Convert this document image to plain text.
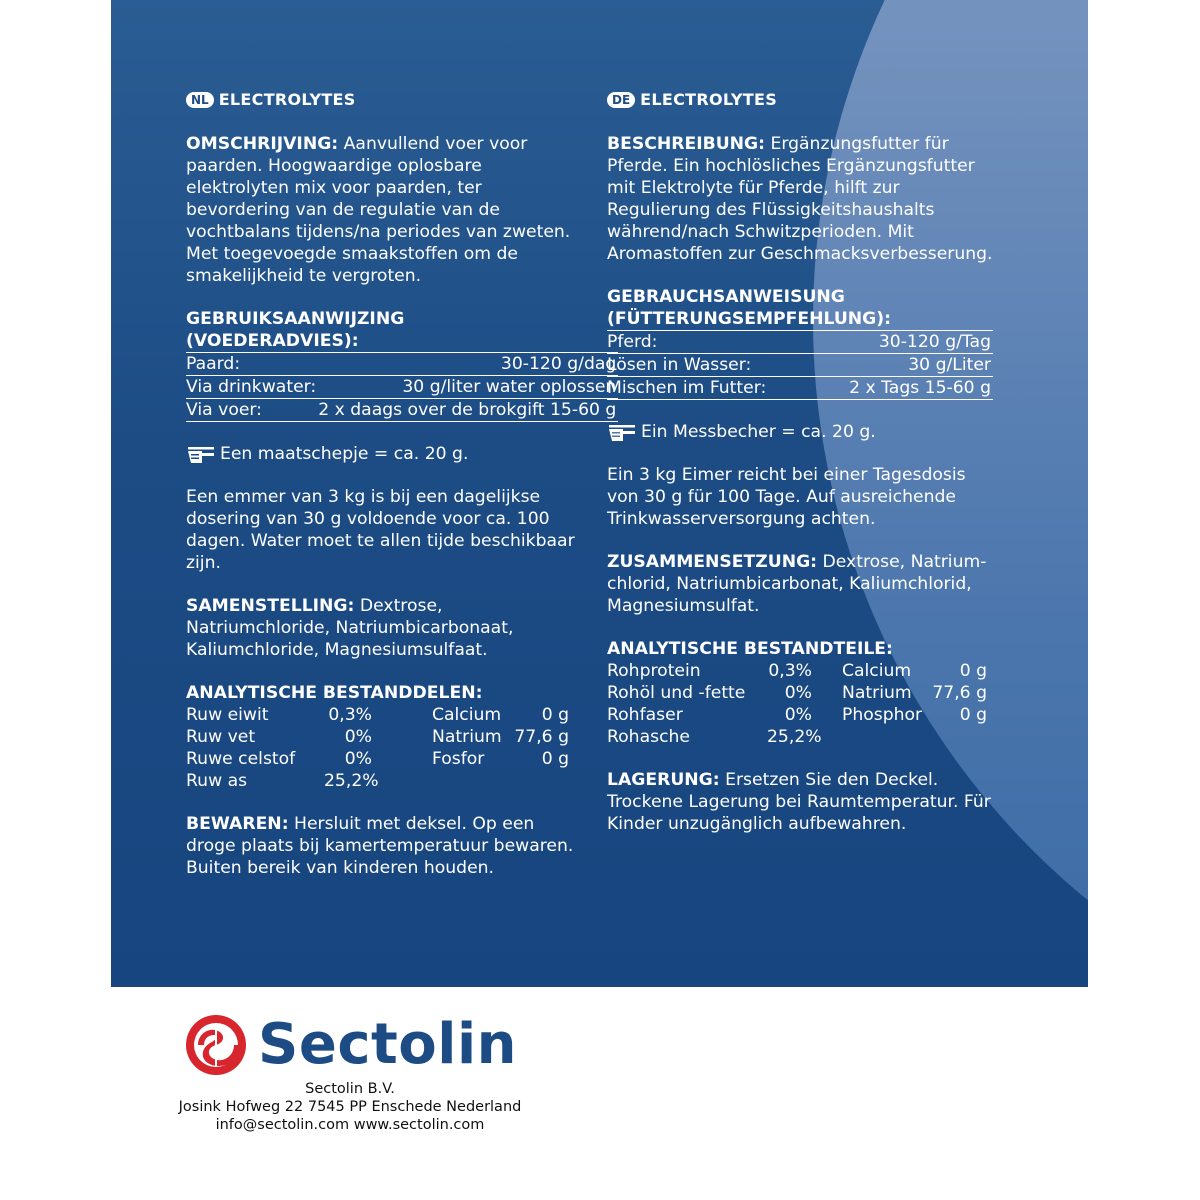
NL ELECTROLYTES

OMSCHRIJVING: Aanvullend voer voor paarden. Hoogwaardige oplosbare elektrolyten mix voor paarden, ter bevordering van de regulatie van de vochtbalans tijdens/na periodes van zweten. Met toegevoegde smaakstoffen om de smakelijkheid te vergroten.

GEBRUIKSAANWIJZING (VOEDERADVIES):
Paard:	30-120 g/dag
Via drinkwater:	30 g/liter water oplossen
Via voer:	2 x daags over de brokgift 15-60 g
Een maatschepje = ca. 20 g.

Een emmer van 3 kg is bij een dagelijkse dosering van 30 g voldoende voor ca. 100 dagen. Water moet te allen tijde beschikbaar zijn.

SAMENSTELLING: Dextrose, Natriumchloride, Natriumbicarbonaat, Kaliumchloride, Magnesiumsulfaat.

ANALYTISCHE BESTANDDELEN:
Ruw eiwit	0,3%	Calcium	0 g
Ruw vet	0%	Natrium 77,6 g
Ruwe celstof	0%	Fosfor	0 g
Ruw as	25,2%

BEWAREN: Hersluit met deksel. Op een droge plaats bij kamertemperatuur bewaren. Buiten bereik van kinderen houden.

DE ELECTROLYTES

BESCHREIBUNG: Ergänzungsfutter für Pferde. Ein hochlösliches Ergänzungsfutter mit Elektrolyte für Pferde, hilft zur Regulierung des Flüssigkeitshaushalts während/nach Schwitzperioden. Mit Aromastoffen zur Geschmacksverbesserung.

GEBRAUCHSANWEISUNG
(FÜTTERUNGSEMPFEHLUNG):
Pferd:	30-120 g/Tag
Lösen in Wasser:	30 g/Liter
Mischen im Futter:	2 x Tags 15-60 g
Ein Messbecher = ca. 20 g.

Ein 3 kg Eimer reicht bei einer Tagesdosis von 30 g für 100 Tage. Auf ausreichende Trinkwasserversorgung achten.

ZUSAMMENSETZUNG: Dextrose, Natrium-chlorid, Natriumbicarbonat, Kaliumchlorid, Magnesiumsulfat.

ANALYTISCHE BESTANDTEILE:
Rohprotein	0,3% Calcium	0 g
Rohöl und -fette	0% Natrium	77,6 g
Rohfaser	0% Phosphor	0 g
Rohasche	25,2%

LAGERUNG: Ersetzen Sie den Deckel. Trockene Lagerung bei Raumtemperatur. Für Kinder unzugänglich aufbewahren.

Sectolin
Sectolin B.V.
Josink Hofweg 22 7545 PP Enschede Nederland
info@sectolin.com www.sectolin.com
